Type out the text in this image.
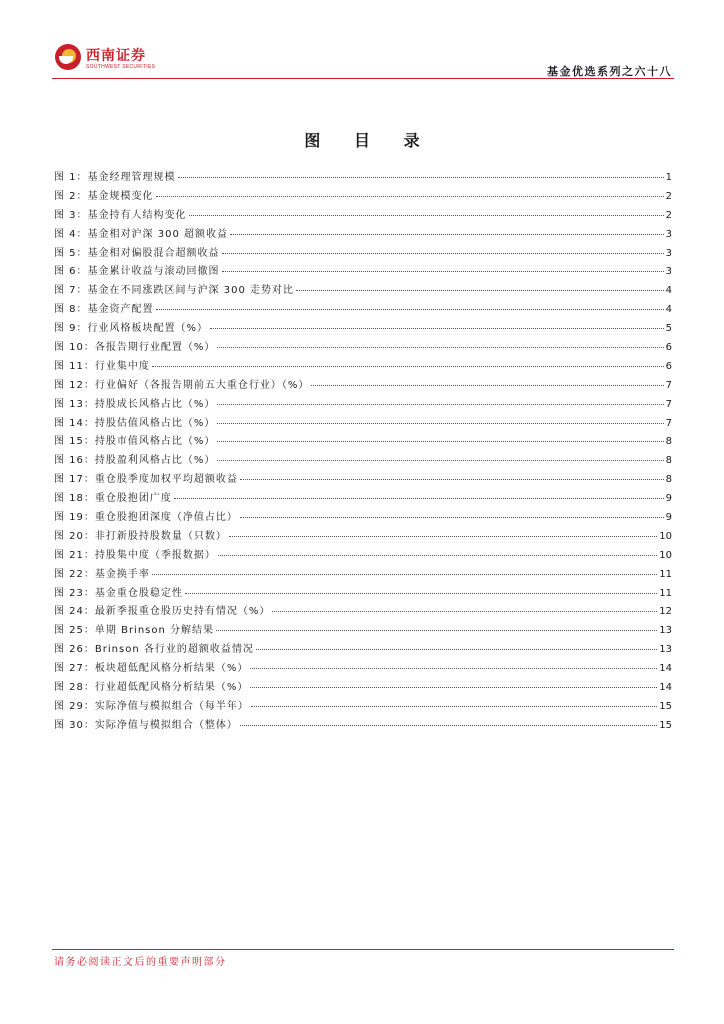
西南证券
SOUTHWEST SECURITIES	基金优选系列之六十八
图 目 录
图 1：基金经理管理规模	1
图 2：基金规模变化	2
图 3：基金持有人结构变化	2
图 4：基金相对沪深 300 超额收益	3
图 5：基金相对偏股混合超额收益	3
图 6：基金累计收益与滚动回撤图	3
图 7：基金在不同涨跌区间与沪深 300 走势对比	4
图 8：基金资产配置	4
图 9：行业风格板块配置（%）	5
图 10：各报告期行业配置（%）	6
图 11：行业集中度	6
图 12：行业偏好（各报告期前五大重仓行业）（%）	7
图 13：持股成长风格占比（%）	7
图 14：持股估值风格占比（%）	7
图 15：持股市值风格占比（%）	8
图 16：持股盈利风格占比（%）	8
图 17：重仓股季度加权平均超额收益	8
图 18：重仓股抱团广度	9
图 19：重仓股抱团深度（净值占比）	9
图 20：非打新股持股数量（只数）	10
图 21：持股集中度（季报数据）	10
图 22：基金换手率	11
图 23：基金重仓股稳定性	11
图 24：最新季报重仓股历史持有情况（%）	12
图 25：单期 Brinson 分解结果	13
图 26：Brinson 各行业的超额收益情况	13
图 27：板块超低配风格分析结果（%）	14
图 28：行业超低配风格分析结果（%）	14
图 29：实际净值与模拟组合（每半年）	15
图 30：实际净值与模拟组合（整体）	15
请务必阅读正文后的重要声明部分
